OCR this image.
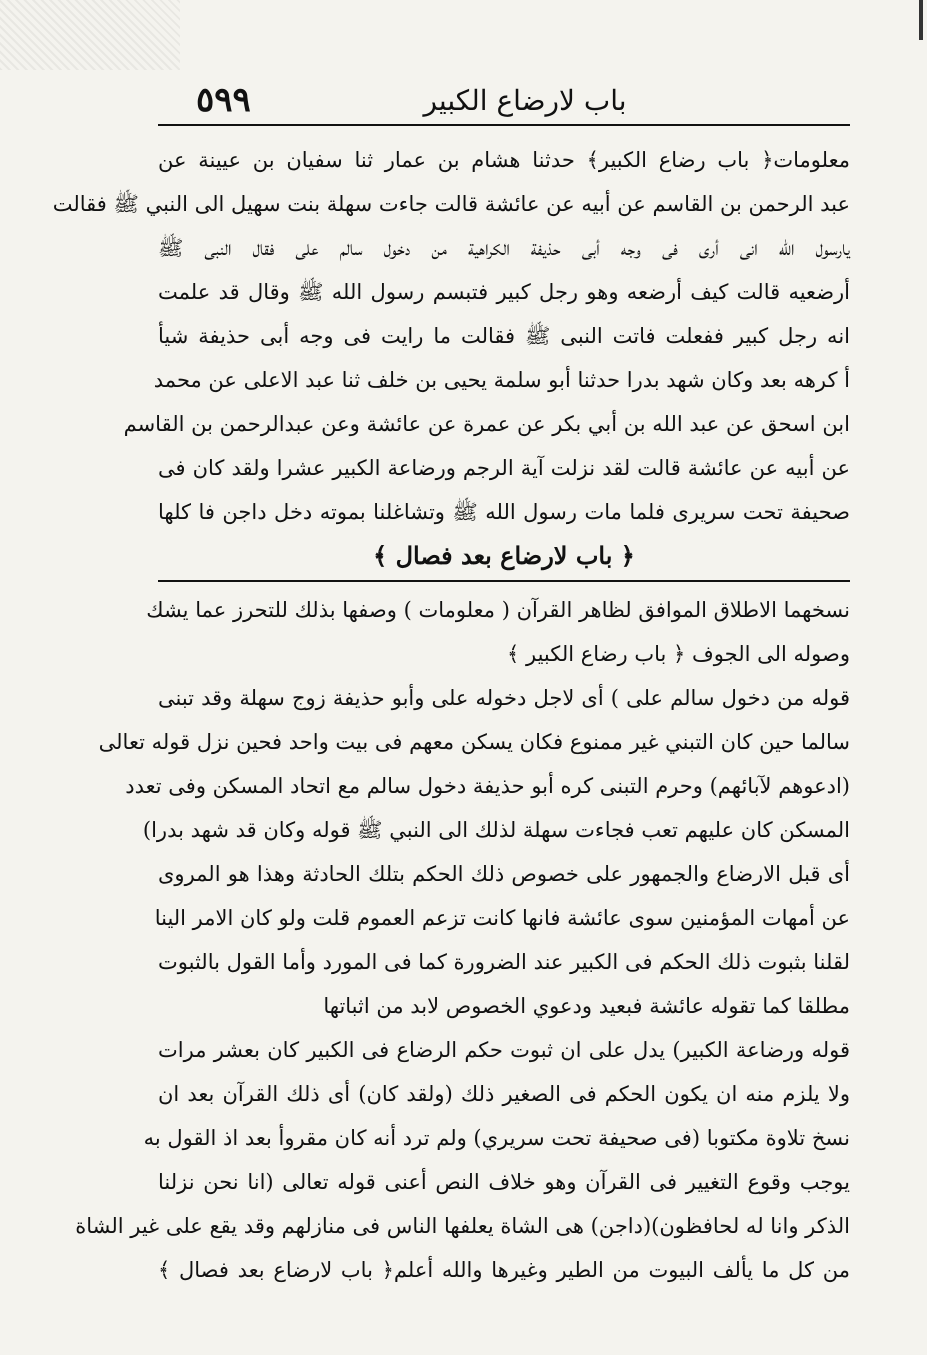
٥٩٩	باب لارضاع الكبير
معلومات﴿ باب رضاع الكبير﴾ حدثنا هشام بن عمار ثنا سفيان بن عيينة عن
عبد الرحمن بن القاسم عن أبيه عن عائشة قالت جاءت سهلة بنت سهيل الى النبي ﷺ فقالت
يارسول الله انى أرى فى وجه أبى حذيفة الكراهية من دخول سالم على فقال النبى ﷺ
أرضعيه قالت كيف أرضعه وهو رجل كبير فتبسم رسول الله ﷺ وقال قد علمت
انه رجل كبير ففعلت فاتت النبى ﷺ فقالت ما رايت فى وجه أبى حذيفة شيأ
أ كرهه بعد وكان شهد بدرا حدثنا أبو سلمة يحيى بن خلف ثنا عبد الاعلى عن محمد
ابن اسحق عن عبد الله بن أبي بكر عن عمرة عن عائشة وعن عبدالرحمن بن القاسم
عن أبيه عن عائشة قالت لقد نزلت آية الرجم ورضاعة الكبير عشرا ولقد كان فى
صحيفة تحت سريرى فلما مات رسول الله ﷺ وتشاغلنا بموته دخل داجن فا كلها
﴿ باب لارضاع بعد فصال ﴾
نسخهما الاطلاق الموافق لظاهر القرآن ( معلومات ) وصفها بذلك للتحرز عما يشك
وصوله الى الجوف ﴿ باب رضاع الكبير ﴾
قوله من دخول سالم على ) أى لاجل دخوله على وأبو حذيفة زوج سهلة وقد تبنى
سالما حين كان التبني غير ممنوع فكان يسكن معهم فى بيت واحد فحين نزل قوله تعالى
(ادعوهم لآبائهم) وحرم التبنى كره أبو حذيفة دخول سالم مع اتحاد المسكن وفى تعدد
المسكن كان عليهم تعب فجاءت سهلة لذلك الى النبي ﷺ قوله وكان قد شهد بدرا)
أى قبل الارضاع والجمهور على خصوص ذلك الحكم بتلك الحادثة وهذا هو المروى
عن أمهات المؤمنين سوى عائشة فانها كانت تزعم العموم قلت ولو كان الامر الينا
لقلنا بثبوت ذلك الحكم فى الكبير عند الضرورة كما فى المورد وأما القول بالثبوت
مطلقا كما تقوله عائشة فبعيد ودعوي الخصوص لابد من اثباتها
قوله ورضاعة الكبير) يدل على ان ثبوت حكم الرضاع فى الكبير كان بعشر مرات
ولا يلزم منه ان يكون الحكم فى الصغير ذلك (ولقد كان) أى ذلك القرآن بعد ان
نسخ تلاوة مكتوبا (فى صحيفة تحت سريري) ولم ترد أنه كان مقروأ بعد اذ القول به
يوجب وقوع التغيير فى القرآن وهو خلاف النص أعنى قوله تعالى (انا نحن نزلنا
الذكر وانا له لحافظون)(داجن) هى الشاة يعلفها الناس فى منازلهم وقد يقع على غير الشاة
من كل ما يألف البيوت من الطير وغيرها والله أعلم﴿ باب لارضاع بعد فصال ﴾
